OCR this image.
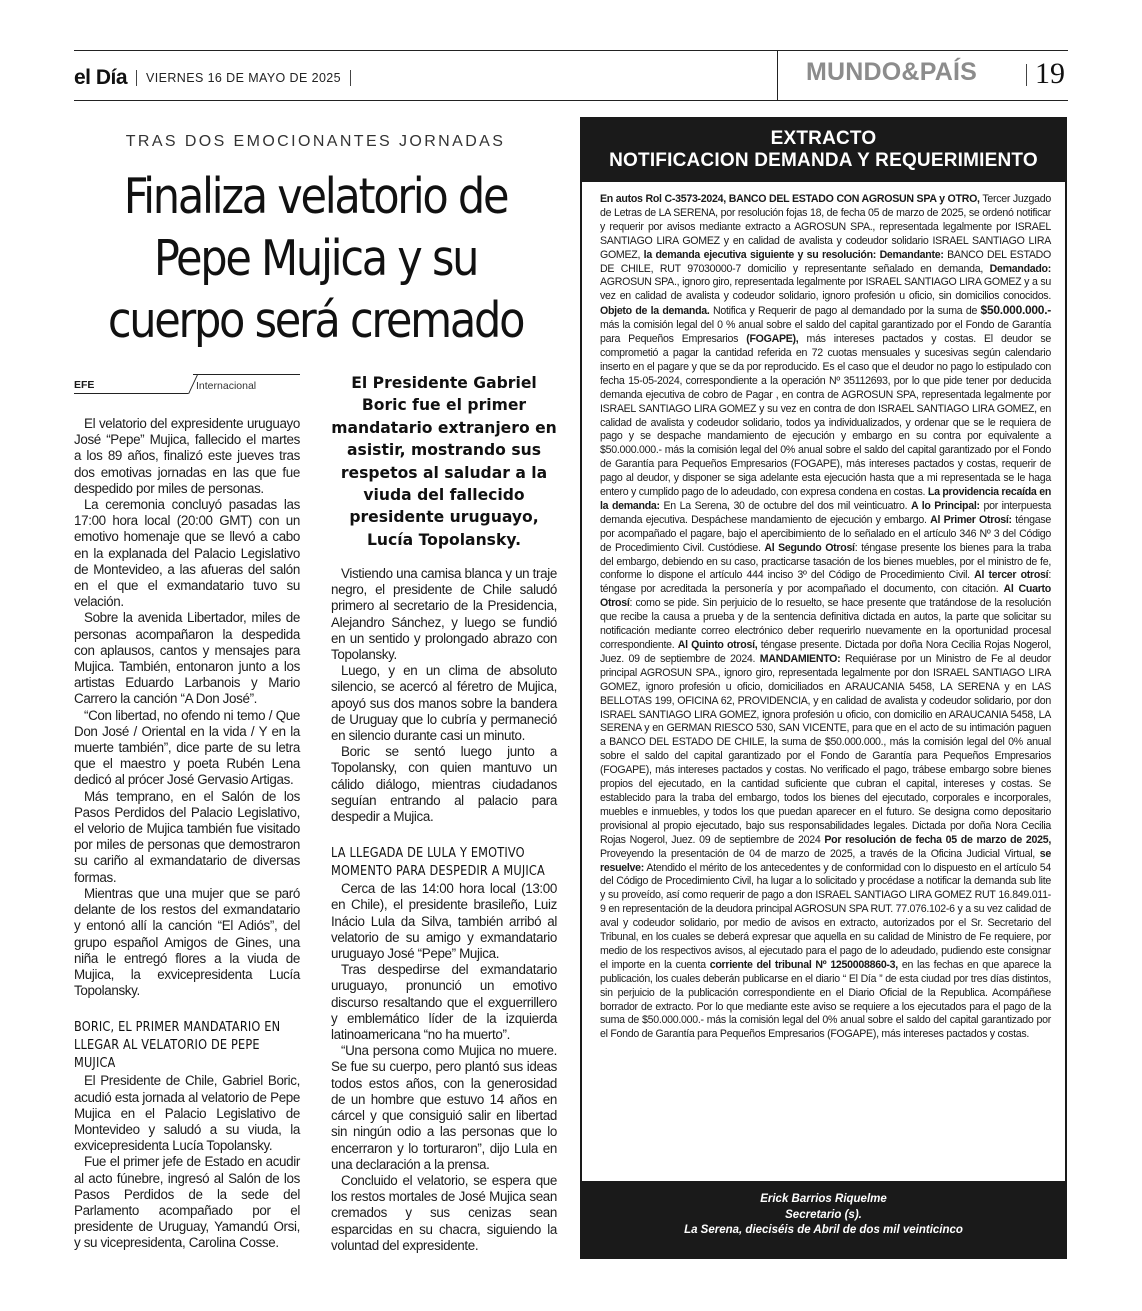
el Día VIERNES 16 DE MAYO DE 2025	MUNDO&PAÍS 19
TRAS DOS EMOCIONANTES JORNADAS
Finaliza velatorio de Pepe Mujica y su cuerpo será cremado
EFE	Internacional	El Presidente Gabriel Boric fue el primer mandatario extranjero en asistir, mostrando sus respetos al saludar a la viuda del fallecido presidente uruguayo, Lucía Topolansky.

El velatorio del expresidente uruguayo José “Pepe” Mujica, fallecido el martes a los 89 años, finalizó este jueves tras dos emotivas jornadas en las que fue despedido por miles de personas.

La ceremonia concluyó pasadas las 17:00 hora local (20:00 GMT) con un emotivo homenaje que se llevó a cabo en la explanada del Palacio Legislativo de Montevideo, a las afueras del salón en el que el exmandatario tuvo su velación.

Sobre la avenida Libertador, miles de personas acompañaron la despedida con aplausos, cantos y mensajes para Mujica. También, entonaron junto a los artistas Eduardo Larbanois y Mario Carrero la canción “A Don José”.

“Con libertad, no ofendo ni temo / Que Don José / Oriental en la vida / Y en la muerte también”, dice parte de su letra que el maestro y poeta Rubén Lena dedicó al prócer José Gervasio Artigas.

Más temprano, en el Salón de los Pasos Perdidos del Palacio Legislativo, el velorio de Mujica también fue visitado por miles de personas que demostraron su cariño al exmandatario de diversas formas.

Mientras que una mujer que se paró delante de los restos del exmandatario y entonó allí la canción “El Adiós”, del grupo español Amigos de Gines, una niña le entregó flores a la viuda de Mujica, la exvicepresidenta Lucía Topolansky.

BORIC, EL PRIMER MANDATARIO EN LLEGAR AL VELATORIO DE PEPE MUJICA

El Presidente de Chile, Gabriel Boric, acudió esta jornada al velatorio de Pepe Mujica en el Palacio Legislativo de Montevideo y saludó a su viuda, la exvicepresidenta Lucía Topolansky.

Fue el primer jefe de Estado en acudir al acto fúnebre, ingresó al Salón de los Pasos Perdidos de la sede del Parlamento acompañado por el presidente de Uruguay, Yamandú Orsi, y su vicepresidenta, Carolina Cosse.

Vistiendo una camisa blanca y un traje negro, el presidente de Chile saludó primero al secretario de la Presidencia, Alejandro Sánchez, y luego se fundió en un sentido y prolongado abrazo con Topolansky.

Luego, y en un clima de absoluto silencio, se acercó al féretro de Mujica, apoyó sus dos manos sobre la bandera de Uruguay que lo cubría y permaneció en silencio durante casi un minuto.

Boric se sentó luego junto a Topolansky, con quien mantuvo un cálido diálogo, mientras ciudadanos seguían entrando al palacio para despedir a Mujica.

LA LLEGADA DE LULA Y EMOTIVO MOMENTO PARA DESPEDIR A MUJICA

Cerca de las 14:00 hora local (13:00 en Chile), el presidente brasileño, Luiz Inácio Lula da Silva, también arribó al velatorio de su amigo y exmandatario uruguayo José “Pepe” Mujica.

Tras despedirse del exmandatario uruguayo, pronunció un emotivo discurso resaltando que el exguerrillero y emblemático líder de la izquierda latinoamericana “no ha muerto”.

“Una persona como Mujica no muere. Se fue su cuerpo, pero plantó sus ideas todos estos años, con la generosidad de un hombre que estuvo 14 años en cárcel y que consiguió salir en libertad sin ningún odio a las personas que lo encerraron y lo torturaron”, dijo Lula en una declaración a la prensa.

Concluido el velatorio, se espera que los restos mortales de José Mujica sean cremados y sus cenizas sean esparcidas en su chacra, siguiendo la voluntad del expresidente.

EXTRACTO
NOTIFICACION DEMANDA Y REQUERIMIENTO
En autos Rol C-3573-2024, BANCO DEL ESTADO CON AGROSUN SPA y OTRO, Tercer Juzgado de Letras de LA SERENA, por resolución fojas 18, de fecha 05 de marzo de 2025, se ordenó notificar y requerir por avisos mediante extracto a AGROSUN SPA., representada legalmente por ISRAEL SANTIAGO LIRA GOMEZ y en calidad de avalista y codeudor solidario ISRAEL SANTIAGO LIRA GOMEZ, la demanda ejecutiva siguiente y su resolución: Demandante: BANCO DEL ESTADO DE CHILE, RUT 97030000-7 domicilio y representante señalado en demanda, Demandado: AGROSUN SPA., ignoro giro, representada legalmente por ISRAEL SANTIAGO LIRA GOMEZ y a su vez en calidad de avalista y codeudor solidario, ignoro profesión u oficio, sin domicilios conocidos. Objeto de la demanda. Notifica y Requerir de pago al demandado por la suma de $50.000.000.- más la comisión legal del 0 % anual sobre el saldo del capital garantizado por el Fondo de Garantía para Pequeños Empresarios (FOGAPE), más intereses pactados y costas. El deudor se comprometió a pagar la cantidad referida en 72 cuotas mensuales y sucesivas según calendario inserto en el pagare y que se da por reproducido. Es el caso que el deudor no pago lo estipulado con fecha 15-05-2024, correspondiente a la operación Nº 35112693, por lo que pide tener por deducida demanda ejecutiva de cobro de Pagar , en contra de AGROSUN SPA, representada legalmente por ISRAEL SANTIAGO LIRA GOMEZ y su vez en contra de don ISRAEL SANTIAGO LIRA GOMEZ, en calidad de avalista y codeudor solidario, todos ya individualizados, y ordenar que se le requiera de pago y se despache mandamiento de ejecución y embargo en su contra por equivalente a $50.000.000.- más la comisión legal del 0% anual sobre el saldo del capital garantizado por el Fondo de Garantía para Pequeños Empresarios (FOGAPE), más intereses pactados y costas, requerir de pago al deudor, y disponer se siga adelante esta ejecución hasta que a mi representada se le haga entero y cumplido pago de lo adeudado, con expresa condena en costas. La providencia recaída en la demanda: En La Serena, 30 de octubre del dos mil veinticuatro. A lo Principal: por interpuesta demanda ejecutiva. Despáchese mandamiento de ejecución y embargo. Al Primer Otrosí: téngase por acompañado el pagare, bajo el apercibimiento de lo señalado en el artículo 346 Nº 3 del Código de Procedimiento Civil. Custódiese. Al Segundo Otrosí: téngase presente los bienes para la traba del embargo, debiendo en su caso, practicarse tasación de los bienes muebles, por el ministro de fe, conforme lo dispone el artículo 444 inciso 3º del Código de Procedimiento Civil. Al tercer otrosí: téngase por acreditada la personería y por acompañado el documento, con citación. Al Cuarto Otrosí: como se pide. Sin perjuicio de lo resuelto, se hace presente que tratándose de la resolución que recibe la causa a prueba y de la sentencia definitiva dictada en autos, la parte que solicitar su notificación mediante correo electrónico deber requerirlo nuevamente en la oportunidad procesal correspondiente. Al Quinto otrosí, téngase presente. Dictada por doña Nora Cecilia Rojas Nogerol, Juez. 09 de septiembre de 2024. MANDAMIENTO: Requiérase por un Ministro de Fe al deudor principal AGROSUN SPA., ignoro giro, representada legalmente por don ISRAEL SANTIAGO LIRA GOMEZ, ignoro profesión u oficio, domiciliados en ARAUCANIA 5458, LA SERENA y en LAS BELLOTAS 199, OFICINA 62, PROVIDENCIA, y en calidad de avalista y codeudor solidario, por don ISRAEL SANTIAGO LIRA GOMEZ, ignora profesión u oficio, con domicilio en ARAUCANIA 5458, LA SERENA y en GERMAN RIESCO 530, SAN VICENTE, para que en el acto de su intimación paguen a BANCO DEL ESTADO DE CHILE, la suma de $50.000.000., más la comisión legal del 0% anual sobre el saldo del capital garantizado por el Fondo de Garantía para Pequeños Empresarios (FOGAPE), más intereses pactados y costas. No verificado el pago, trábese embargo sobre bienes propios del ejecutado, en la cantidad suficiente que cubran el capital, intereses y costas. Se establecido para la traba del embargo, todos los bienes del ejecutado, corporales e incorporales, muebles e inmuebles, y todos los que puedan aparecer en el futuro. Se designa como depositario provisional al propio ejecutado, bajo sus responsabilidades legales. Dictada por doña Nora Cecilia Rojas Nogerol, Juez. 09 de septiembre de 2024 Por resolución de fecha 05 de marzo de 2025, Proveyendo la presentación de 04 de marzo de 2025, a través de la Oficina Judicial Virtual, se resuelve: Atendido el mérito de los antecedentes y de conformidad con lo dispuesto en el artículo 54 del Código de Procedimiento Civil, ha lugar a lo solicitado y procédase a notificar la demanda sub lite y su proveído, así como requerir de pago a don ISRAEL SANTIAGO LIRA GOMEZ RUT 16.849.011-9 en representación de la deudora principal AGROSUN SPA RUT. 77.076.102-6 y a su vez calidad de aval y codeudor solidario, por medio de avisos en extracto, autorizados por el Sr. Secretario del Tribunal, en los cuales se deberá expresar que aquella en su calidad de Ministro de Fe requiere, por medio de los respectivos avisos, al ejecutado para el pago de lo adeudado, pudiendo este consignar el importe en la cuenta corriente del tribunal Nº 1250008860-3, en las fechas en que aparece la publicación, los cuales deberán publicarse en el diario “ El Día ” de esta ciudad por tres días distintos, sin perjuicio de la publicación correspondiente en el Diario Oficial de la Republica. Acompáñese borrador de extracto. Por lo que mediante este aviso se requiere a los ejecutados para el pago de la suma de $50.000.000.- más la comisión legal del 0% anual sobre el saldo del capital garantizado por el Fondo de Garantía para Pequeños Empresarios (FOGAPE), más intereses pactados y costas.
Erick Barrios Riquelme
Secretario (s).
La Serena, dieciséis de Abril de dos mil veinticinco
